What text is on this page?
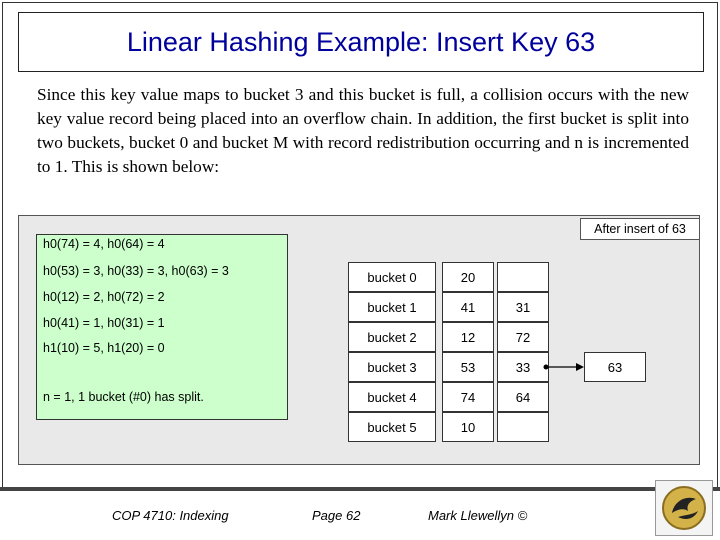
Linear Hashing Example: Insert Key 63

Since this key value maps to bucket 3 and this bucket is full, a collision occurs with the new key value record being placed into an overflow chain. In addition, the first bucket is split into two buckets, bucket 0 and bucket M with record redistribution occurring and n is incremented to 1. This is shown below:

After insert of 63
h0(74) = 4, h0(64) = 4
h0(53) = 3, h0(33) = 3, h0(63) = 3
h0(12) = 2, h0(72) = 2
h0(41) = 1, h0(31) = 1
h1(10) = 5, h1(20) = 0
n = 1, 1 bucket (#0) has split.
bucket 0	20
bucket 1	41	31
bucket 2	12	72
bucket 3	53	33
bucket 4	74	64
bucket 5	10
63
COP 4710: Indexing	Page 62	Mark Llewellyn ©
